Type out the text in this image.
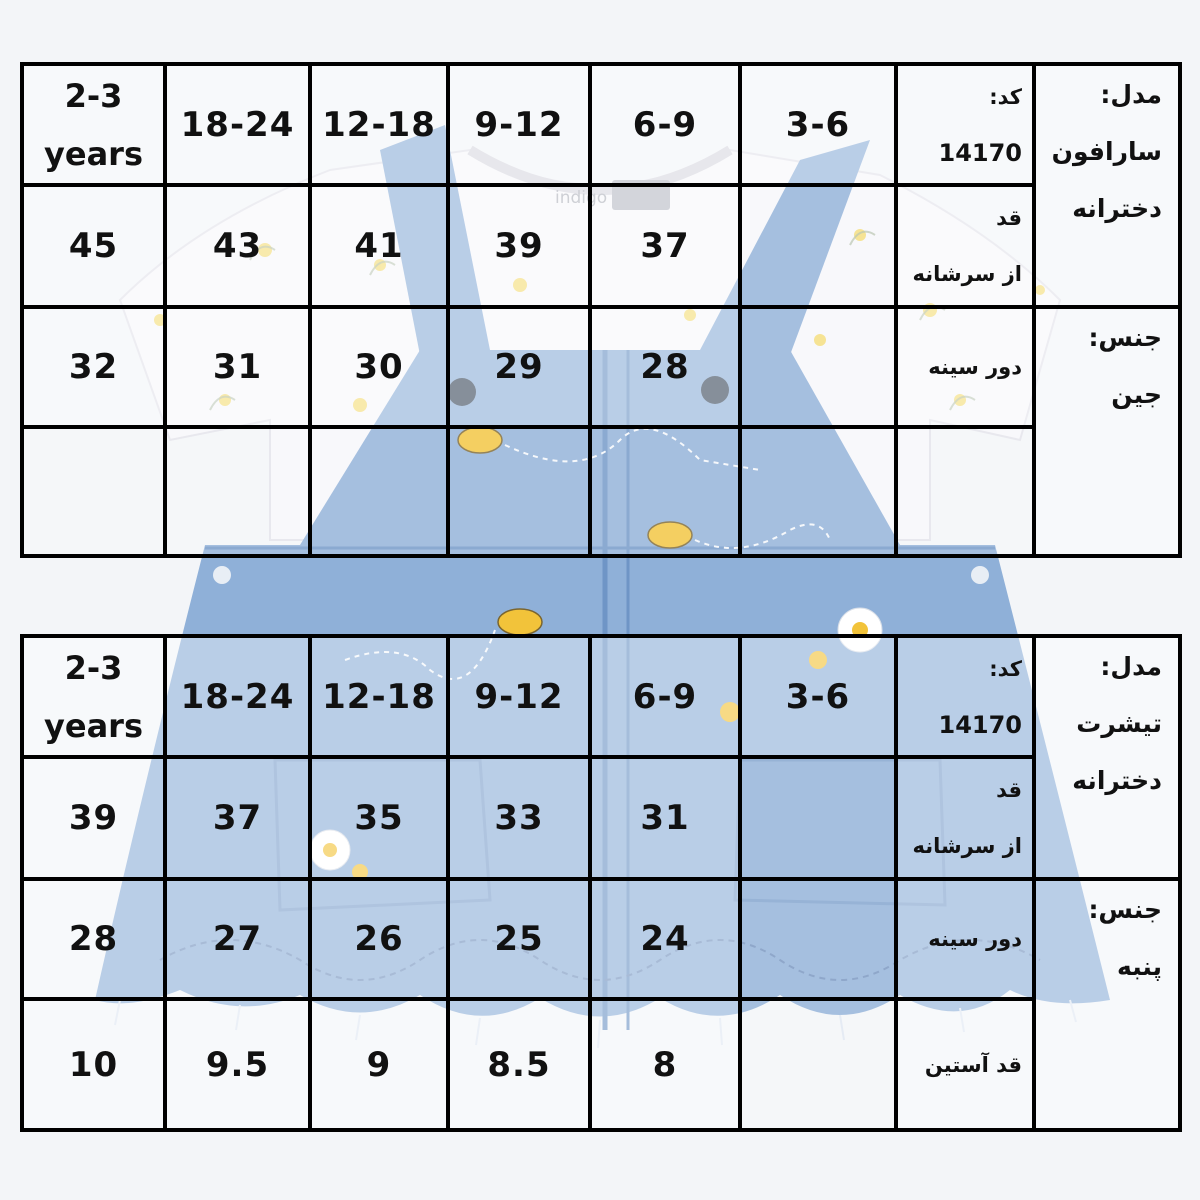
indigo
مدل:
سارافون
دخترانه	کد:
14170	3-6	6-9	9-12	12-18	18-24	2-3
years

	قد
از سرشانه		37	39	41	43	45

جنس:
جین	دور سینه		28	29	30	31	32

مدل:
تیشرت
دخترانه	کد:
14170	3-6	6-9	9-12	12-18	18-24	2-3
years

	قد
از سرشانه		31	33	35	37	39

جنس:
پنبه	دور سینه		24	25	26	27	28

	قد آستین		8	8.5	9	9.5	10
